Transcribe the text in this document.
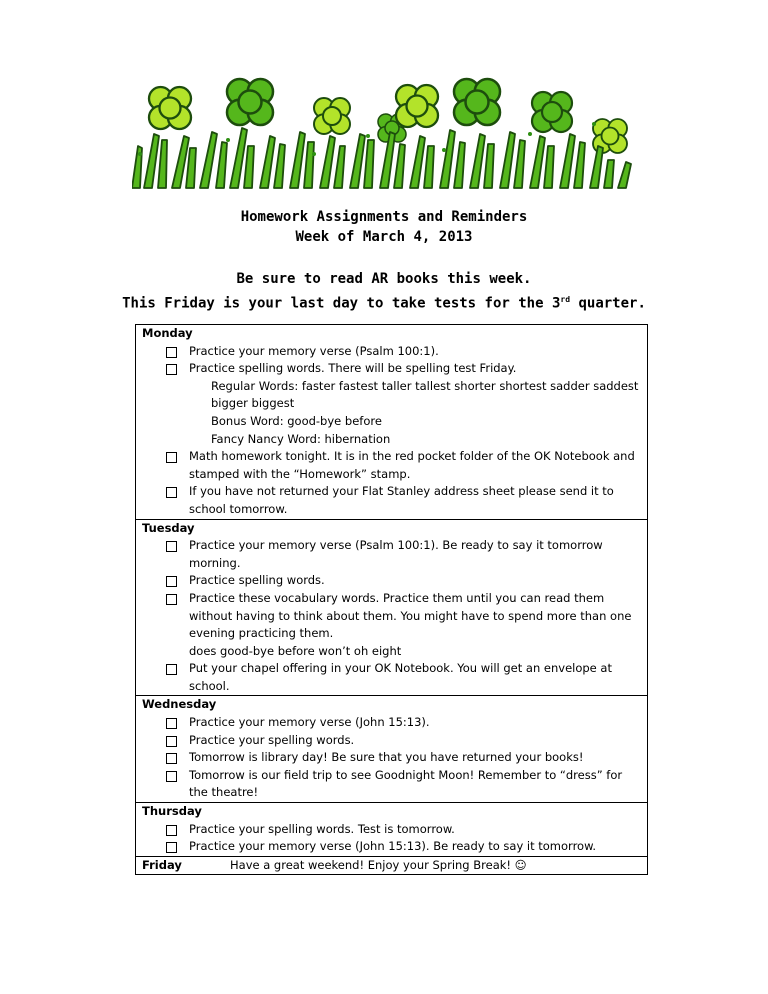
Homework Assignments and Reminders
Week of March 4, 2013
Be sure to read AR books this week.
This Friday is your last day to take tests for the 3rd quarter.
Monday
Practice your memory verse (Psalm 100:1).
Practice spelling words. There will be spelling test Friday.
Regular Words: faster fastest taller tallest shorter shortest sadder saddest bigger biggest
Bonus Word: good-bye before
Fancy Nancy Word: hibernation
Math homework tonight. It is in the red pocket folder of the OK Notebook and stamped with the “Homework” stamp.
If you have not returned your Flat Stanley address sheet please send it to school tomorrow.
Tuesday
Practice your memory verse (Psalm 100:1). Be ready to say it tomorrow morning.
Practice spelling words.
Practice these vocabulary words. Practice them until you can read them without having to think about them. You might have to spend more than one evening practicing them.
does good-bye before won’t oh eight
Put your chapel offering in your OK Notebook. You will get an envelope at school.
Wednesday
Practice your memory verse (John 15:13).
Practice your spelling words.
Tomorrow is library day! Be sure that you have returned your books!
Tomorrow is our field trip to see Goodnight Moon! Remember to “dress” for the theatre!
Thursday
Practice your spelling words. Test is tomorrow.
Practice your memory verse (John 15:13). Be ready to say it tomorrow.
Friday	Have a great weekend! Enjoy your Spring Break! ☺
